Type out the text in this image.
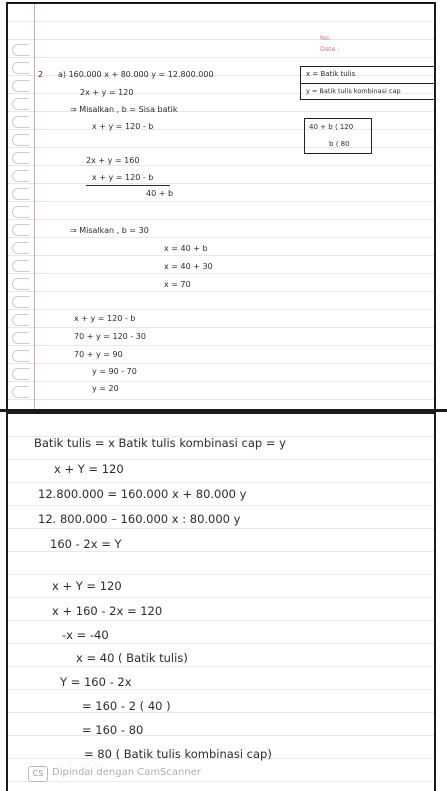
No.
Date :
2 a) 160.000 x + 80.000 y = 12.800.000
2x + y = 120
⇒ Misalkan , b = Sisa batik
x + y = 120 - b
x = Batik tulis
y = Batik tulis kombinasi cap
40 + b ⟨ 120
b ⟨ 80
2x + y = 160
x + y = 120 - b
40 + b
⇒ Misalkan , b = 30
x = 40 + b
x = 40 + 30
x = 70
x + y = 120 - b
70 + y = 120 - 30
70 + y = 90
y = 90 - 70
y = 20
Batik tulis = x Batik tulis kombinasi cap = y
x + Y = 120
12.800.000 = 160.000 x + 80.000 y
12. 800.000 – 160.000 x : 80.000 y
160 - 2x = Y
x + Y = 120
x + 160 - 2x = 120
-x = -40
x = 40 ( Batik tulis)
Y = 160 - 2x
= 160 - 2 ( 40 )
= 160 - 80
= 80 ( Batik tulis kombinasi cap)
CS Dipindai dengan CamScanner
